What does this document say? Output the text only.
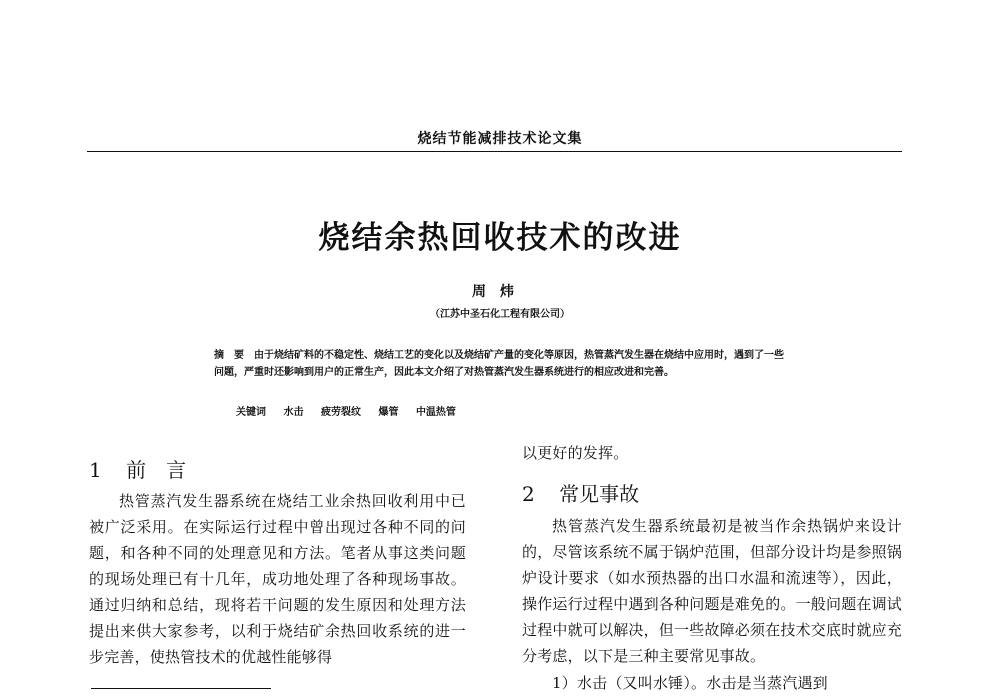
烧结节能减排技术论文集
烧结余热回收技术的改进
周炜
（江苏中圣石化工程有限公司）
摘　要 由于烧结矿料的不稳定性、烧结工艺的变化以及烧结矿产量的变化等原因，热管蒸汽发生器在烧结中应用时，遇到了一些问题，严重时还影响到用户的正常生产，因此本文介绍了对热管蒸汽发生器系统进行的相应改进和完善。
关键词 水击 疲劳裂纹 爆管 中温热管
1 前　言
热管蒸汽发生器系统在烧结工业余热回收利用中已被广泛采用。在实际运行过程中曾出现过各种不同的问题，和各种不同的处理意见和方法。笔者从事这类问题的现场处理已有十几年，成功地处理了各种现场事故。通过归纳和总结，现将若干问题的发生原因和处理方法提出来供大家参考，以利于烧结矿余热回收系统的进一步完善，使热管技术的优越性能够得
以更好的发挥。
2 常见事故
热管蒸汽发生器系统最初是被当作余热锅炉来设计的，尽管该系统不属于锅炉范围，但部分设计均是参照锅炉设计要求（如水预热器的出口水温和流速等），因此，操作运行过程中遇到各种问题是难免的。一般问题在调试过程中就可以解决，但一些故障必须在技术交底时就应充分考虑，以下是三种主要常见事故。
1）水击（又叫水锤）。水击是当蒸汽遇到
